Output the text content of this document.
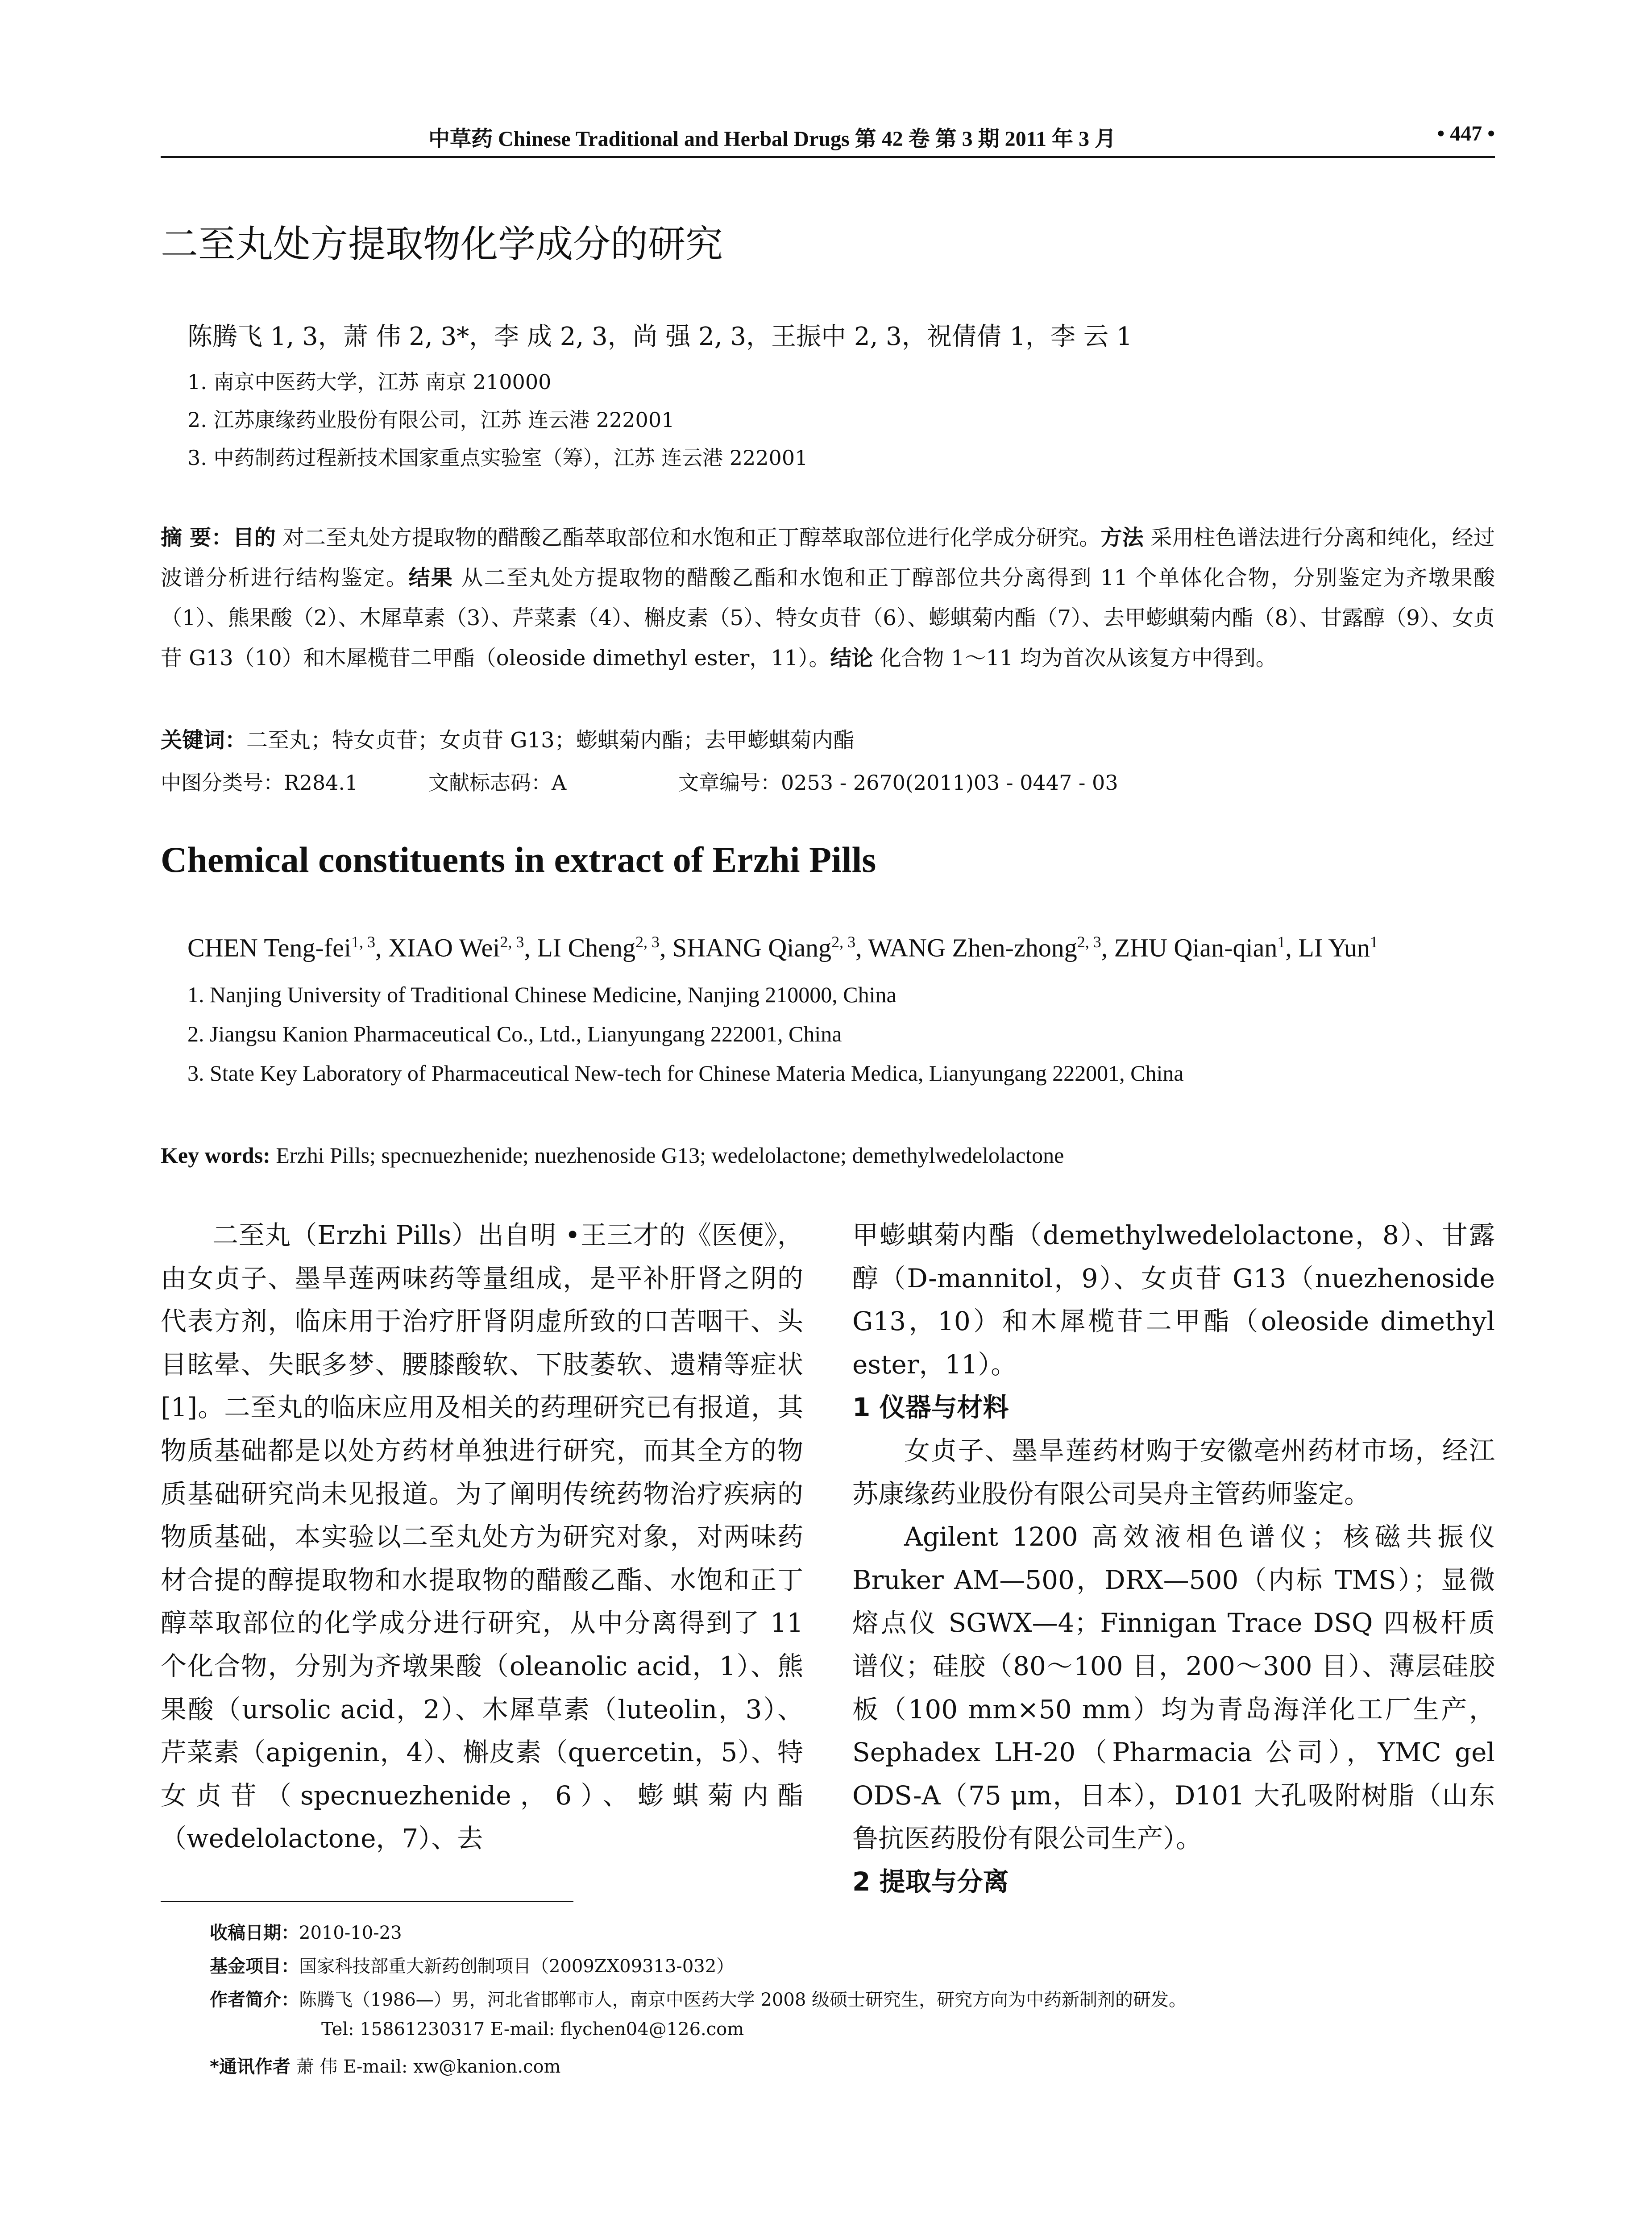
中草药 Chinese Traditional and Herbal Drugs 第 42 卷 第 3 期 2011 年 3 月	• 447 •
二至丸处方提取物化学成分的研究
陈腾飞 1, 3，萧 伟 2, 3*，李 成 2, 3，尚 强 2, 3，王振中 2, 3，祝倩倩 1，李 云 1
1. 南京中医药大学，江苏 南京 210000
2. 江苏康缘药业股份有限公司，江苏 连云港 222001
3. 中药制药过程新技术国家重点实验室（筹），江苏 连云港 222001
摘 要：目的 对二至丸处方提取物的醋酸乙酯萃取部位和水饱和正丁醇萃取部位进行化学成分研究。方法 采用柱色谱法进行分离和纯化，经过波谱分析进行结构鉴定。结果 从二至丸处方提取物的醋酸乙酯和水饱和正丁醇部位共分离得到 11 个单体化合物，分别鉴定为齐墩果酸（1）、熊果酸（2）、木犀草素（3）、芹菜素（4）、槲皮素（5）、特女贞苷（6）、蟛蜞菊内酯（7）、去甲蟛蜞菊内酯（8）、甘露醇（9）、女贞苷 G13（10）和木犀榄苷二甲酯（oleoside dimethyl ester，11）。结论 化合物 1～11 均为首次从该复方中得到。
关键词：二至丸；特女贞苷；女贞苷 G13；蟛蜞菊内酯；去甲蟛蜞菊内酯
中图分类号：R284.1	文献标志码：A	文章编号：0253 - 2670(2011)03 - 0447 - 03
Chemical constituents in extract of Erzhi Pills
CHEN Teng-fei$^{1, 3}$, XIAO Wei$^{2, 3}$, LI Cheng$^{2, 3}$, SHANG Qiang$^{2, 3}$, WANG Zhen-zhong$^{2, 3}$, ZHU Qian-qian$^1$, LI Yun$^1$
1. Nanjing University of Traditional Chinese Medicine, Nanjing 210000, China
2. Jiangsu Kanion Pharmaceutical Co., Ltd., Lianyungang 222001, China
3. State Key Laboratory of Pharmaceutical New-tech for Chinese Materia Medica, Lianyungang 222001, China
Key words: Erzhi Pills; specnuezhenide; nuezhenoside G13; wedelolactone; demethylwedelolactone

二至丸（Erzhi Pills）出自明 •王三才的《医便》，由女贞子、墨旱莲两味药等量组成，是平补肝肾之阴的代表方剂，临床用于治疗肝肾阴虚所致的口苦咽干、头目眩晕、失眠多梦、腰膝酸软、下肢萎软、遗精等症状[1]。二至丸的临床应用及相关的药理研究已有报道，其物质基础都是以处方药材单独进行研究，而其全方的物质基础研究尚未见报道。为了阐明传统药物治疗疾病的物质基础，本实验以二至丸处方为研究对象，对两味药材合提的醇提取物和水提取物的醋酸乙酯、水饱和正丁醇萃取部位的化学成分进行研究，从中分离得到了 11 个化合物，分别为齐墩果酸（oleanolic acid，1）、熊果酸（ursolic acid，2）、木犀草素（luteolin，3）、芹菜素（apigenin，4）、槲皮素（quercetin，5）、特女贞苷（specnuezhenide，6）、蟛蜞菊内酯（wedelolactone，7）、去

甲蟛蜞菊内酯（demethylwedelolactone，8）、甘露醇（D-mannitol，9）、女贞苷 G13（nuezhenoside G13，10）和木犀榄苷二甲酯（oleoside dimethyl ester，11）。

1 仪器与材料

女贞子、墨旱莲药材购于安徽亳州药材市场，经江苏康缘药业股份有限公司吴舟主管药师鉴定。

Agilent 1200 高效液相色谱仪；核磁共振仪 Bruker AM—500，DRX—500（内标 TMS）；显微熔点仪 SGWX—4；Finnigan Trace DSQ 四极杆质谱仪；硅胶（80～100 目，200～300 目）、薄层硅胶板（100 mm×50 mm）均为青岛海洋化工厂生产，Sephadex LH-20（Pharmacia 公司），YMC gel ODS-A（75 μm，日本），D101 大孔吸附树脂（山东鲁抗医药股份有限公司生产）。

2 提取与分离

收稿日期：2010-10-23
基金项目：国家科技部重大新药创制项目（2009ZX09313-032）
作者简介：陈腾飞（1986—）男，河北省邯郸市人，南京中医药大学 2008 级硕士研究生，研究方向为中药新制剂的研发。
Tel: 15861230317 E-mail: flychen04@126.com
*通讯作者 萧 伟 E-mail: xw@kanion.com
